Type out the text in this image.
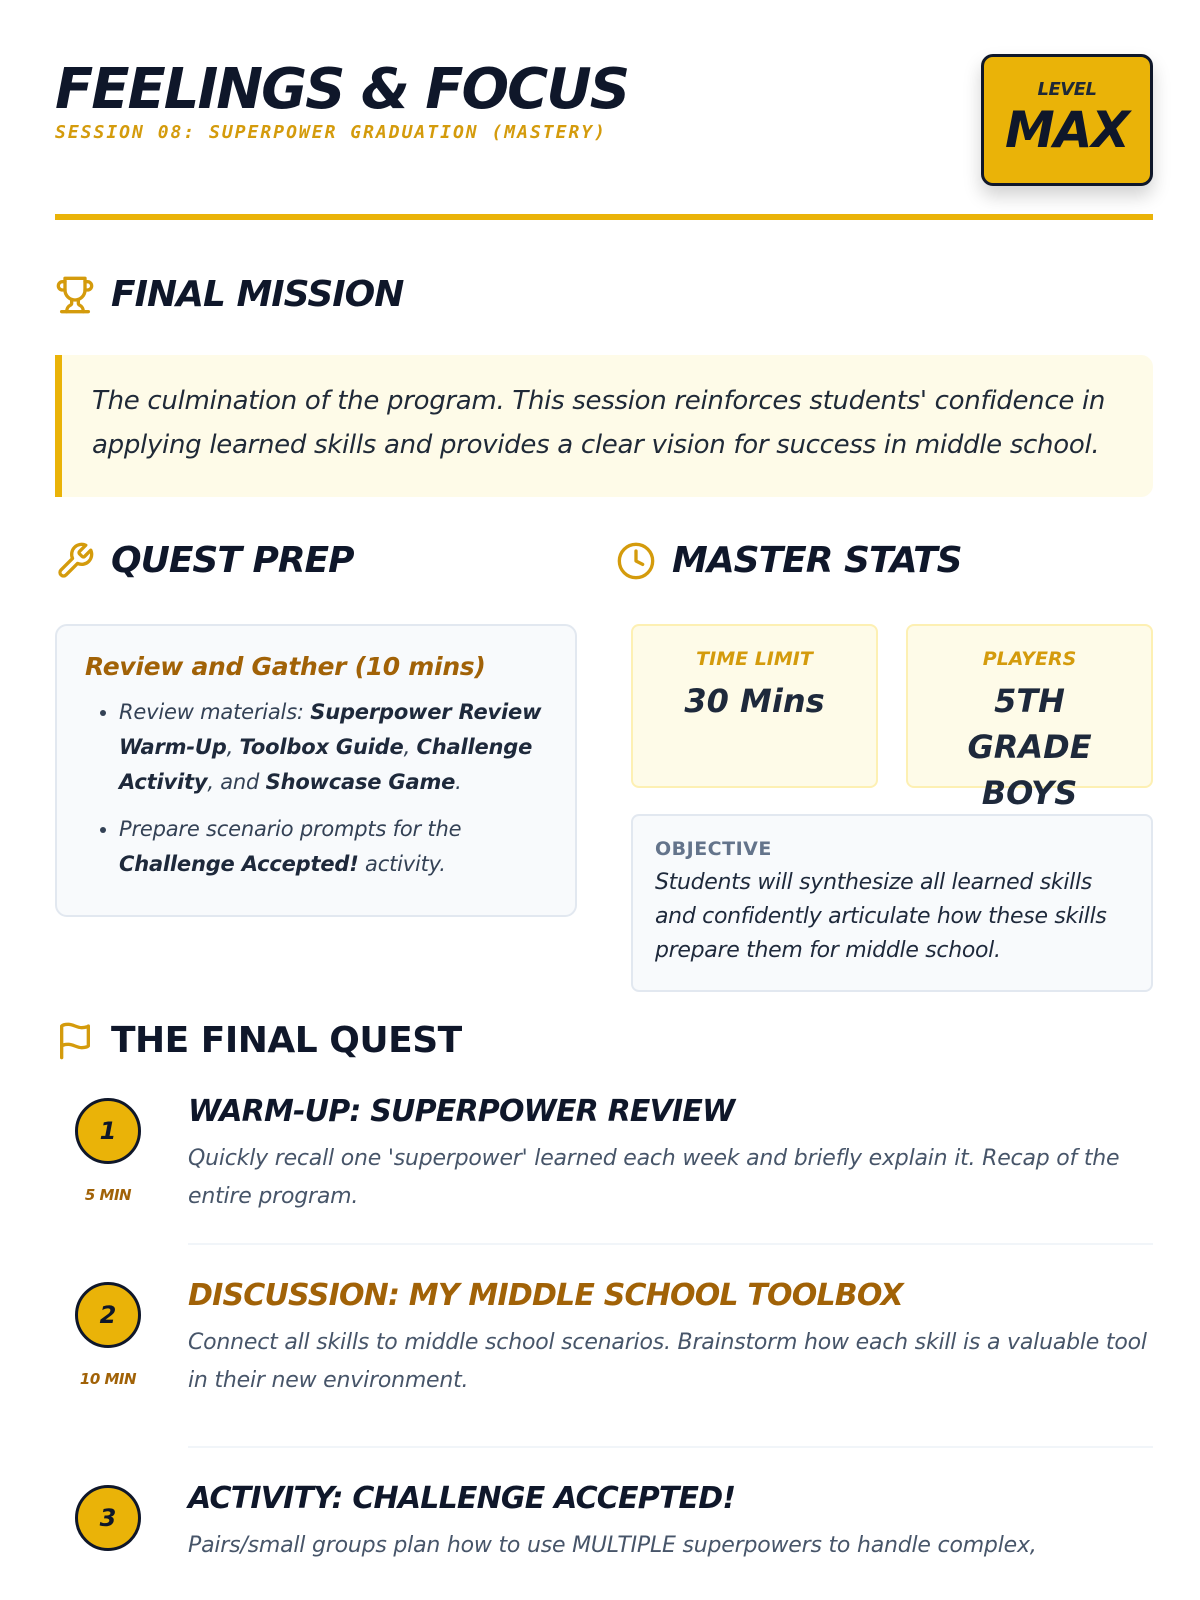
FEELINGS & FOCUS
SESSION 08: SUPERPOWER GRADUATION (MASTERY)
LEVEL
MAX
FINAL MISSION

The culmination of the program. This session reinforces students' confidence in applying learned skills and provides a clear vision for success in middle school.

QUEST PREP
Review and Gather (10 mins)
• Review materials: Superpower Review Warm-Up, Toolbox Guide, Challenge Activity, and Showcase Game.
• Prepare scenario prompts for the Challenge Accepted! activity.
MASTER STATS
TIME LIMIT
30 Mins
PLAYERS
5TH GRADE BOYS
OBJECTIVE
Students will synthesize all learned skills and confidently articulate how these skills prepare them for middle school.
THE FINAL QUEST
1
5 MIN
WARM-UP: SUPERPOWER REVIEW
Quickly recall one 'superpower' learned each week and briefly explain it. Recap of the entire program.
2
10 MIN
DISCUSSION: MY MIDDLE SCHOOL TOOLBOX
Connect all skills to middle school scenarios. Brainstorm how each skill is a valuable tool in their new environment.
3
ACTIVITY: CHALLENGE ACCEPTED!
Pairs/small groups plan how to use MULTIPLE superpowers to handle complex,
